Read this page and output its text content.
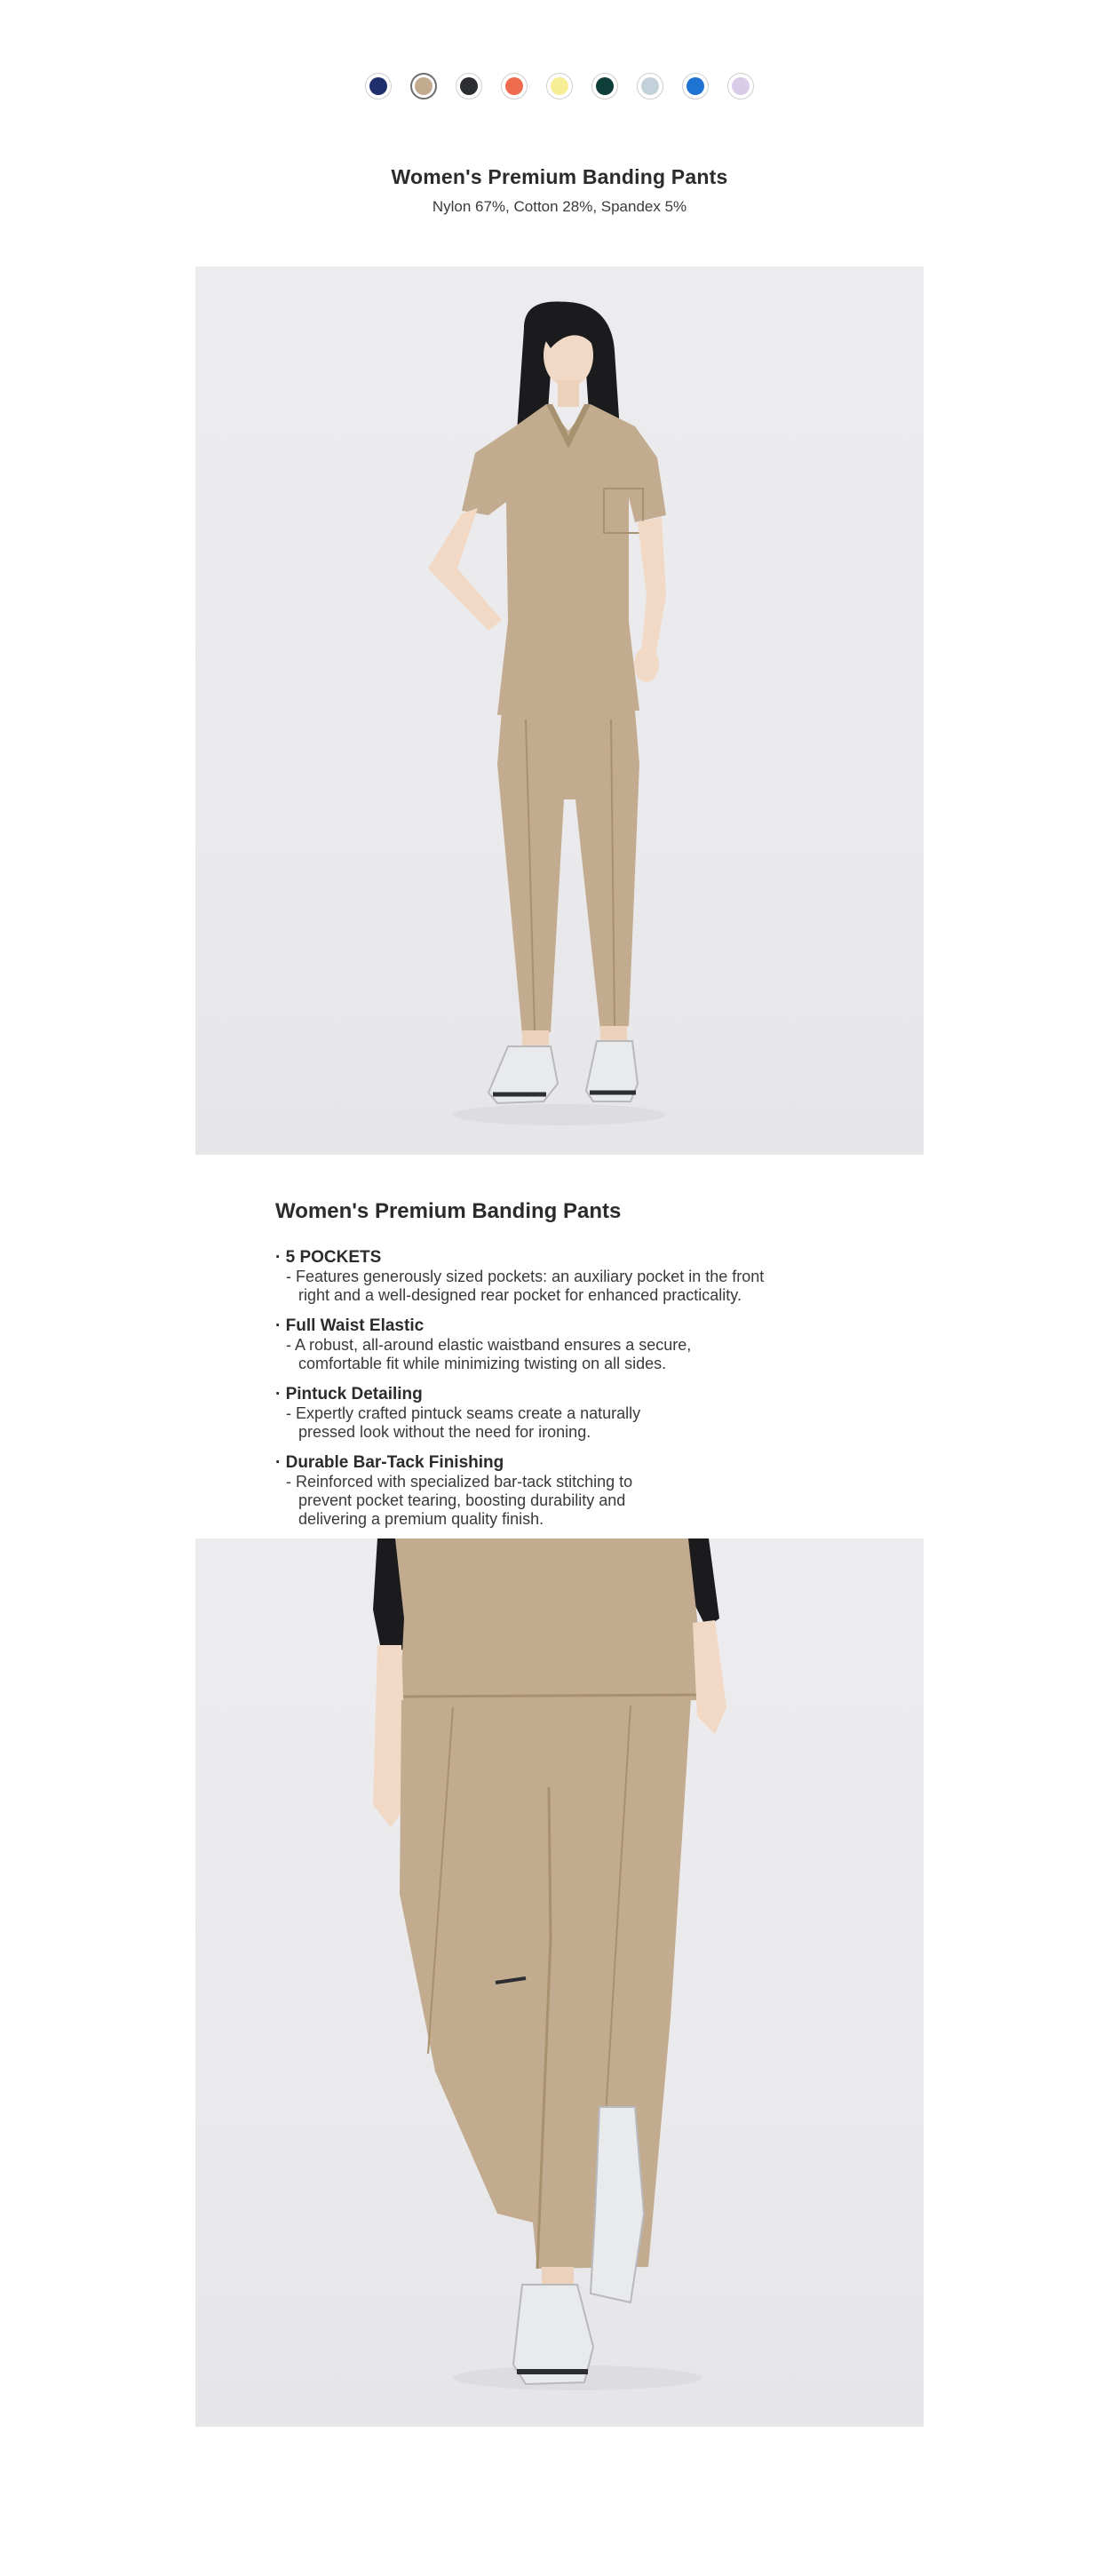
Women's Premium Banding Pants
Nylon 67%, Cotton 28%, Spandex 5%
Women's Premium Banding Pants
· 5 POCKETS
- Features generously sized pockets: an auxiliary pocket in the front
right and a well-designed rear pocket for enhanced practicality.
· Full Waist Elastic
- A robust, all-around elastic waistband ensures a secure,
comfortable fit while minimizing twisting on all sides.
· Pintuck Detailing
- Expertly crafted pintuck seams create a naturally
pressed look without the need for ironing.
· Durable Bar-Tack Finishing
- Reinforced with specialized bar-tack stitching to
prevent pocket tearing, boosting durability and
delivering a premium quality finish.
